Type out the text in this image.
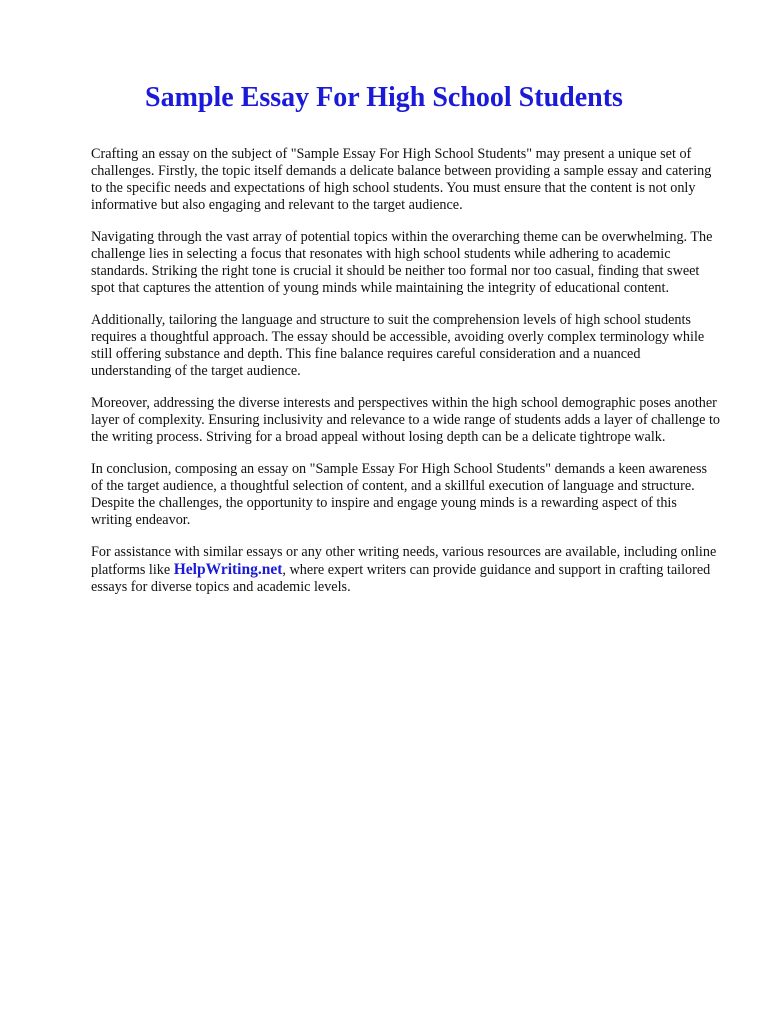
Sample Essay For High School Students

Crafting an essay on the subject of "Sample Essay For High School Students" may present a unique set of challenges. Firstly, the topic itself demands a delicate balance between providing a sample essay and catering to the specific needs and expectations of high school students. You must ensure that the content is not only informative but also engaging and relevant to the target audience.

Navigating through the vast array of potential topics within the overarching theme can be overwhelming. The challenge lies in selecting a focus that resonates with high school students while adhering to academic standards. Striking the right tone is crucial it should be neither too formal nor too casual, finding that sweet spot that captures the attention of young minds while maintaining the integrity of educational content.

Additionally, tailoring the language and structure to suit the comprehension levels of high school students requires a thoughtful approach. The essay should be accessible, avoiding overly complex terminology while still offering substance and depth. This fine balance requires careful consideration and a nuanced understanding of the target audience.

Moreover, addressing the diverse interests and perspectives within the high school demographic poses another layer of complexity. Ensuring inclusivity and relevance to a wide range of students adds a layer of challenge to the writing process. Striving for a broad appeal without losing depth can be a delicate tightrope walk.

In conclusion, composing an essay on "Sample Essay For High School Students" demands a keen awareness of the target audience, a thoughtful selection of content, and a skillful execution of language and structure. Despite the challenges, the opportunity to inspire and engage young minds is a rewarding aspect of this writing endeavor.

For assistance with similar essays or any other writing needs, various resources are available, including online platforms like HelpWriting.net, where expert writers can provide guidance and support in crafting tailored essays for diverse topics and academic levels.
